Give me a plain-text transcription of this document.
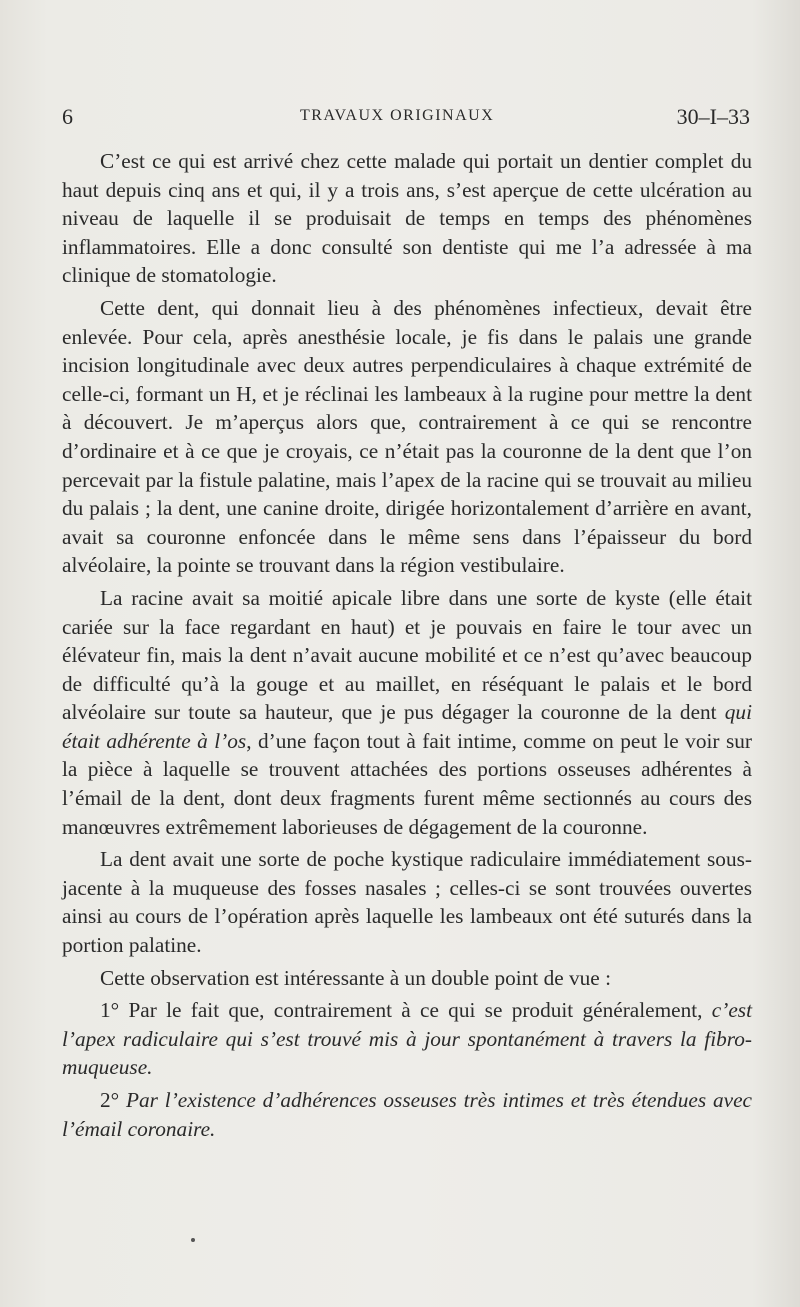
6	TRAVAUX ORIGINAUX	30–I–33

C’est ce qui est arrivé chez cette malade qui portait un dentier complet du haut depuis cinq ans et qui, il y a trois ans, s’est aperçue de cette ulcération au niveau de laquelle il se produisait de temps en temps des phénomènes inflammatoires. Elle a donc consulté son dentiste qui me l’a adressée à ma clinique de stomatologie.

Cette dent, qui donnait lieu à des phénomènes infectieux, devait être enlevée. Pour cela, après anesthésie locale, je fis dans le palais une grande incision longitudinale avec deux autres perpendiculaires à chaque extrémité de celle-ci, formant un H, et je réclinai les lambeaux à la rugine pour mettre la dent à découvert. Je m’aperçus alors que, contrairement à ce qui se rencontre d’ordinaire et à ce que je croyais, ce n’était pas la couronne de la dent que l’on percevait par la fistule palatine, mais l’apex de la racine qui se trouvait au milieu du palais ; la dent, une canine droite, dirigée horizontalement d’arrière en avant, avait sa couronne enfoncée dans le même sens dans l’épaisseur du bord alvéolaire, la pointe se trouvant dans la région vestibulaire.

La racine avait sa moitié apicale libre dans une sorte de kyste (elle était cariée sur la face regardant en haut) et je pouvais en faire le tour avec un élévateur fin, mais la dent n’avait aucune mobilité et ce n’est qu’avec beaucoup de difficulté qu’à la gouge et au maillet, en réséquant le palais et le bord alvéolaire sur toute sa hauteur, que je pus dégager la couronne de la dent qui était adhérente à l’os, d’une façon tout à fait intime, comme on peut le voir sur la pièce à laquelle se trouvent attachées des portions osseuses adhérentes à l’émail de la dent, dont deux fragments furent même sectionnés au cours des manœuvres extrêmement laborieuses de dégagement de la couronne.

La dent avait une sorte de poche kystique radiculaire immédiatement sous-jacente à la muqueuse des fosses nasales ; celles-ci se sont trouvées ouvertes ainsi au cours de l’opération après laquelle les lambeaux ont été suturés dans la portion palatine.

Cette observation est intéressante à un double point de vue :

1° Par le fait que, contrairement à ce qui se produit généralement, c’est l’apex radiculaire qui s’est trouvé mis à jour spontanément à travers la fibro-muqueuse.

2° Par l’existence d’adhérences osseuses très intimes et très étendues avec l’émail coronaire.
